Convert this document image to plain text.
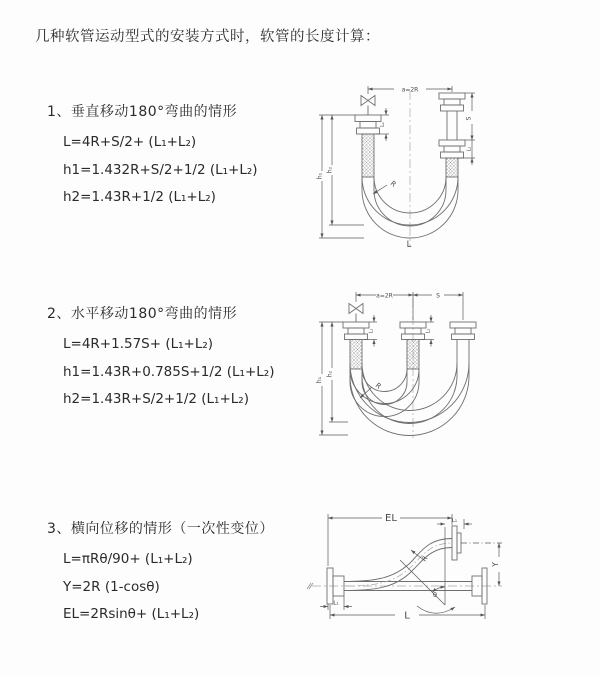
几种软管运动型式的安装方式时，软管的长度计算：
1、垂直移动180°弯曲的情形
L=4R+S/2+ (L₁+L₂)
h1=1.432R+S/2+1/2 (L₁+L₂)
h2=1.43R+1/2 (L₁+L₂)
a=2R
S
L₂
h₁
h₂
L₁
R
L
2、水平移动180°弯曲的情形
L=4R+1.57S+ (L₁+L₂)
h1=1.43R+0.785S+1/2 (L₁+L₂)
h2=1.43R+S/2+1/2 (L₁+L₂)
a=2R	S
h₁
h₂
L₁	L₂
R
3、横向位移的情形（一次性变位）
L=πRθ/90+ (L₁+L₂)
Y=2R (1-cosθ)
EL=2Rsinθ+ (L₁+L₂)
EL	L₁
Y
R
θ
L
L₁
